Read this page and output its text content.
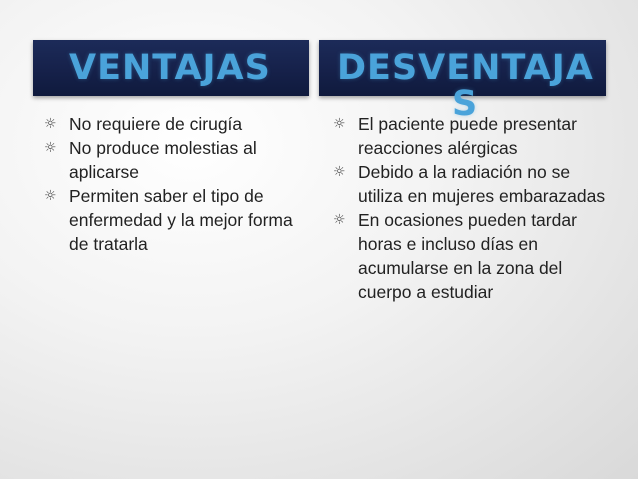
VENTAJAS DESVENTAJA
S
☼ No requiere de cirugía
☼ No produce molestias al aplicarse
☼ Permiten saber el tipo de enfermedad y la mejor forma de tratarla
☼ El paciente puede presentar reacciones alérgicas
☼ Debido a la radiación no se utiliza en mujeres embarazadas
☼ En ocasiones pueden tardar horas e incluso días en acumularse en la zona del cuerpo a estudiar
